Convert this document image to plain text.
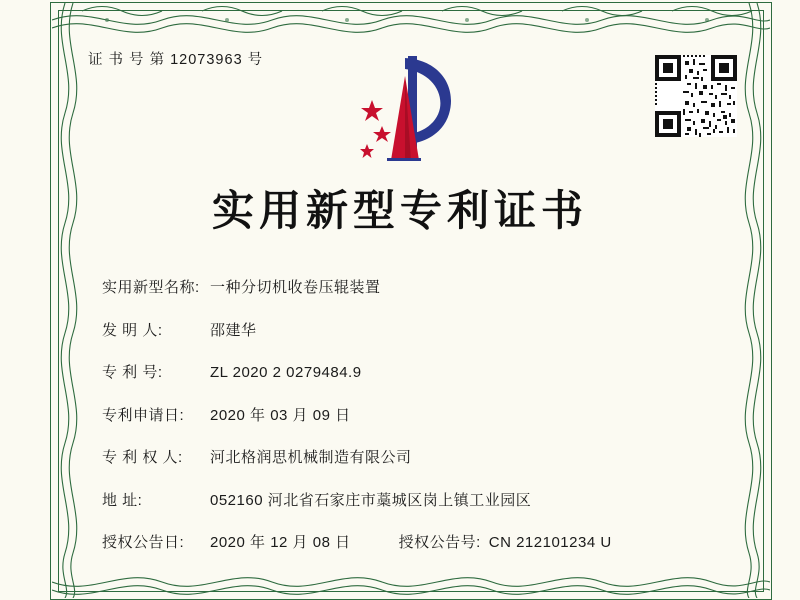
证 书 号 第 12073963 号
实用新型专利证书
实用新型名称: 一种分切机收卷压辊装置
发 明 人:	邵建华
专 利 号:	ZL 2020 2 0279484.9
专利申请日:	2020 年 03 月 09 日
专 利 权 人:	河北格润思机械制造有限公司
地 址:	052160 河北省石家庄市藁城区岗上镇工业园区
授权公告日:	2020 年 12 月 08 日	授权公告号: CN 212101234 U
